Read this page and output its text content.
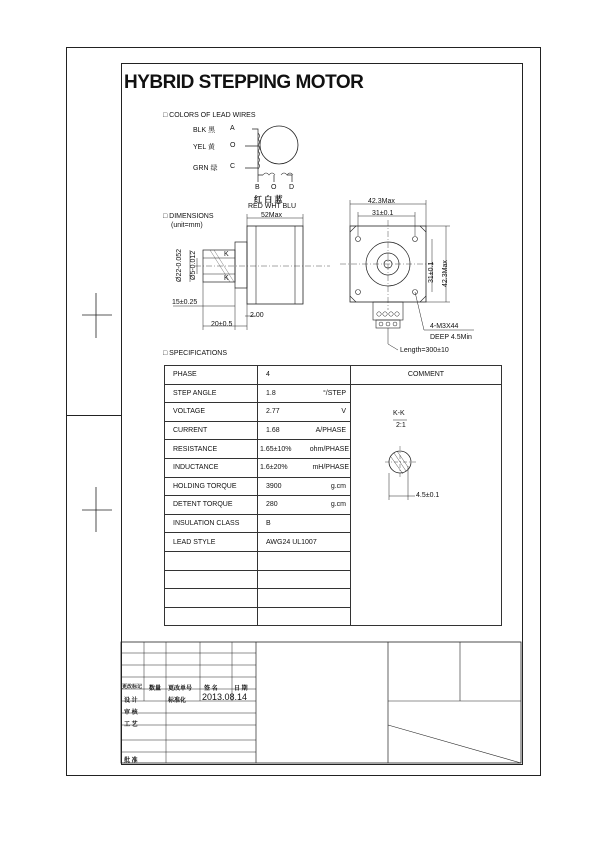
HYBRID STEPPING MOTOR
□ COLORS OF LEAD WIRES
BLK 黑 A
YEL 黄 O
GRN 绿 C
B O D
红 白 蓝
RED WHT BLU
□ DIMENSIONS
(unit=mm)
52Max
Ø22-0.052 Ø5-0.012	K
K
15±0.25
20±0.5
2.00
42.3Max
31±0.1
31±0.1 42.3Max
4-M3X44
DEEP 4.5Min
Length=300±10
□ SPECIFICATIONS
PHASE	4	COMMENT
STEP ANGLE	1.8 °/STEP	

VOLTAGE	2.77 V	

CURRENT	1.68 A/PHASE	

RESISTANCE	1.65±10% ohm/PHASE	

INDUCTANCE	1.6±20% mH/PHASE	

HOLDING TORQUE	3900 g.cm	

DETENT TORQUE	280 g.cm	

INSULATION CLASS	B	

LEAD STYLE	AWG24 UL1007	

K-K
2:1
4.5±0.1
更改标记 数量 更改单号 签 名	日 期
设 计	标准化 2013.08.14
审 核
工 艺
批 准
